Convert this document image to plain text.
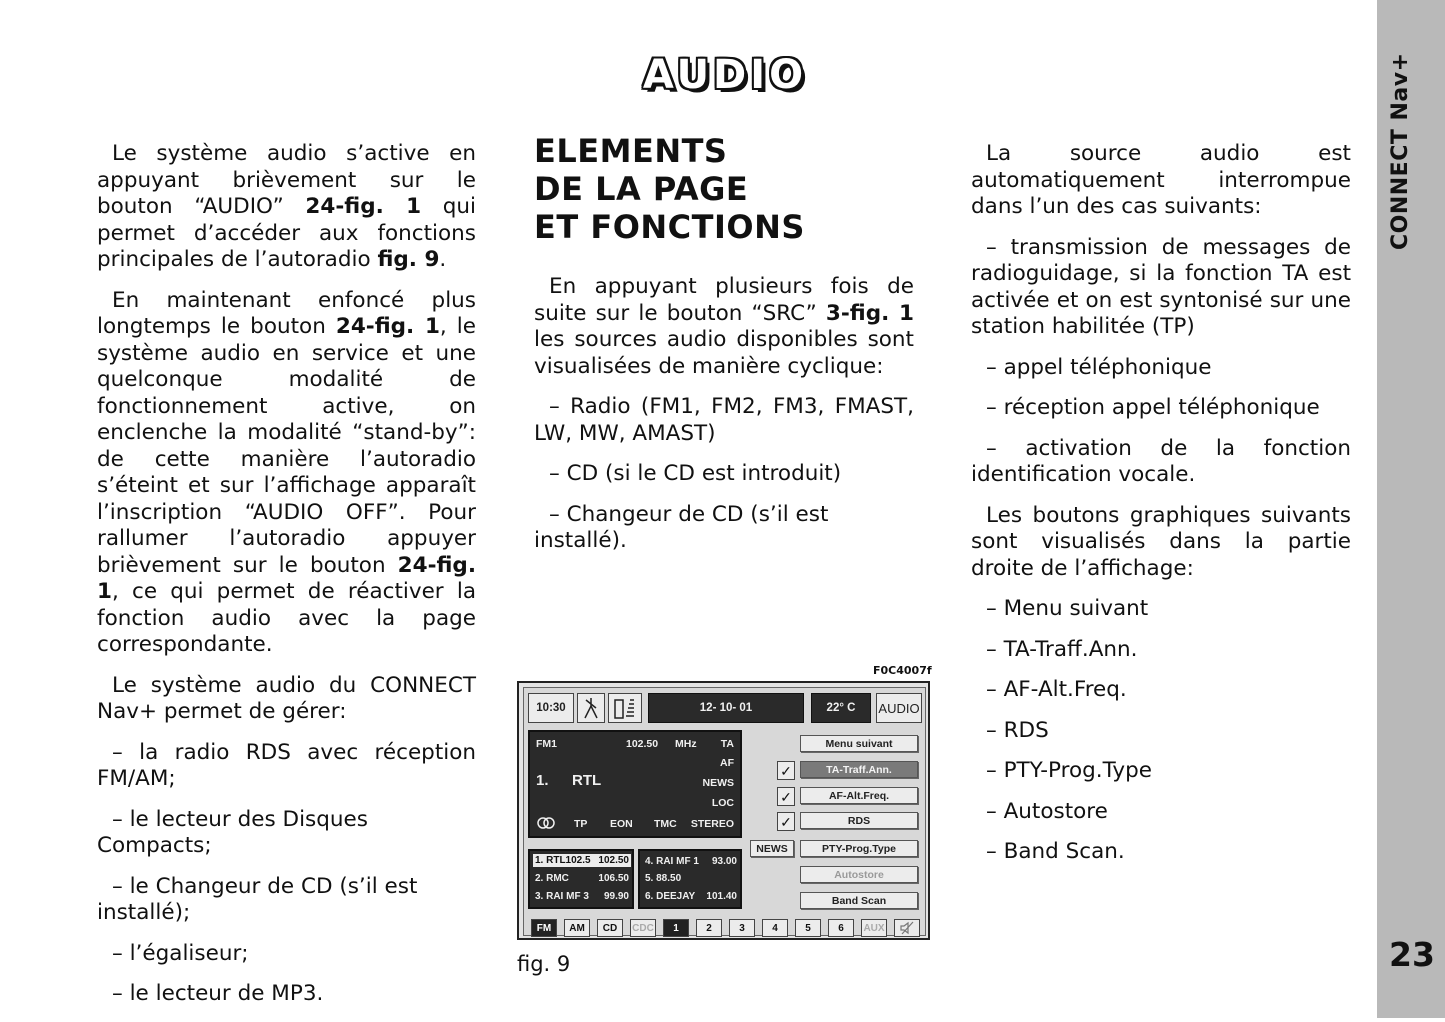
CONNECT Nav+
23
AUDIO

Le système audio s’active en appuyant brièvement sur le bouton “AUDIO” 24-fig. 1 qui permet d’accéder aux fonctions principales de l’autoradio fig. 9.

En maintenant enfoncé plus longtemps le bouton 24-fig. 1, le système audio en service et une quelconque modalité de fonctionnement active, on enclenche la modalité “stand-by”: de cette manière l’autoradio s’éteint et sur l’affichage apparaît l’inscription “AUDIO OFF”. Pour rallumer l’autoradio appuyer brièvement sur le bouton 24-fig. 1, ce qui permet de réactiver la fonction audio avec la page correspondante.

Le système audio du CONNECT Nav+ permet de gérer:

– la radio RDS avec réception FM/AM;

– le lecteur des Disques Compacts;

– le Changeur de CD (s’il est installé);

– l’égaliseur;

– le lecteur de MP3.

ELEMENTS
DE LA PAGE
ET FONCTIONS

En appuyant plusieurs fois de suite sur le bouton “SRC” 3-fig. 1 les sources audio disponibles sont visualisées de manière cyclique:

– Radio (FM1, FM2, FM3, FMAST, LW, MW, AMAST)

– CD (si le CD est introduit)

– Changeur de CD (s’il est installé).

La source audio est automatiquement interrompue dans l’un des cas suivants:

– transmission de messages de radioguidage, si la fonction TA est activée et on est syntonisé sur une station habilitée (TP)

– appel téléphonique

– réception appel téléphonique

– activation de la fonction identification vocale.

Les boutons graphiques suivants sont visualisés dans la partie droite de l’affichage:

– Menu suivant

– TA-Traff.Ann.

– AF-Alt.Freq.

– RDS

– PTY-Prog.Type

– Autostore

– Band Scan.

F0C4007f
fig. 9
10:30	12- 10- 01	22° C	AUDIO
FM1	102.50 MHz TA
AF
NEWS
LOC
STEREO
1. RTL
TP EON TMC
✓
✓
✓
NEWS
Menu suivant
TA-Traff.Ann.
AF-Alt.Freq.
RDS
PTY-Prog.Type
Autostore
Band Scan
1. RTL102.5 102.50
2. RMC	106.50
3. RAI MF 3 99.90
4. RAI MF 1 93.00
5. 88.50
6. DEEJAY 101.40
FM	AM	CD	CDC	1	2	3	4	5	6	AUX
